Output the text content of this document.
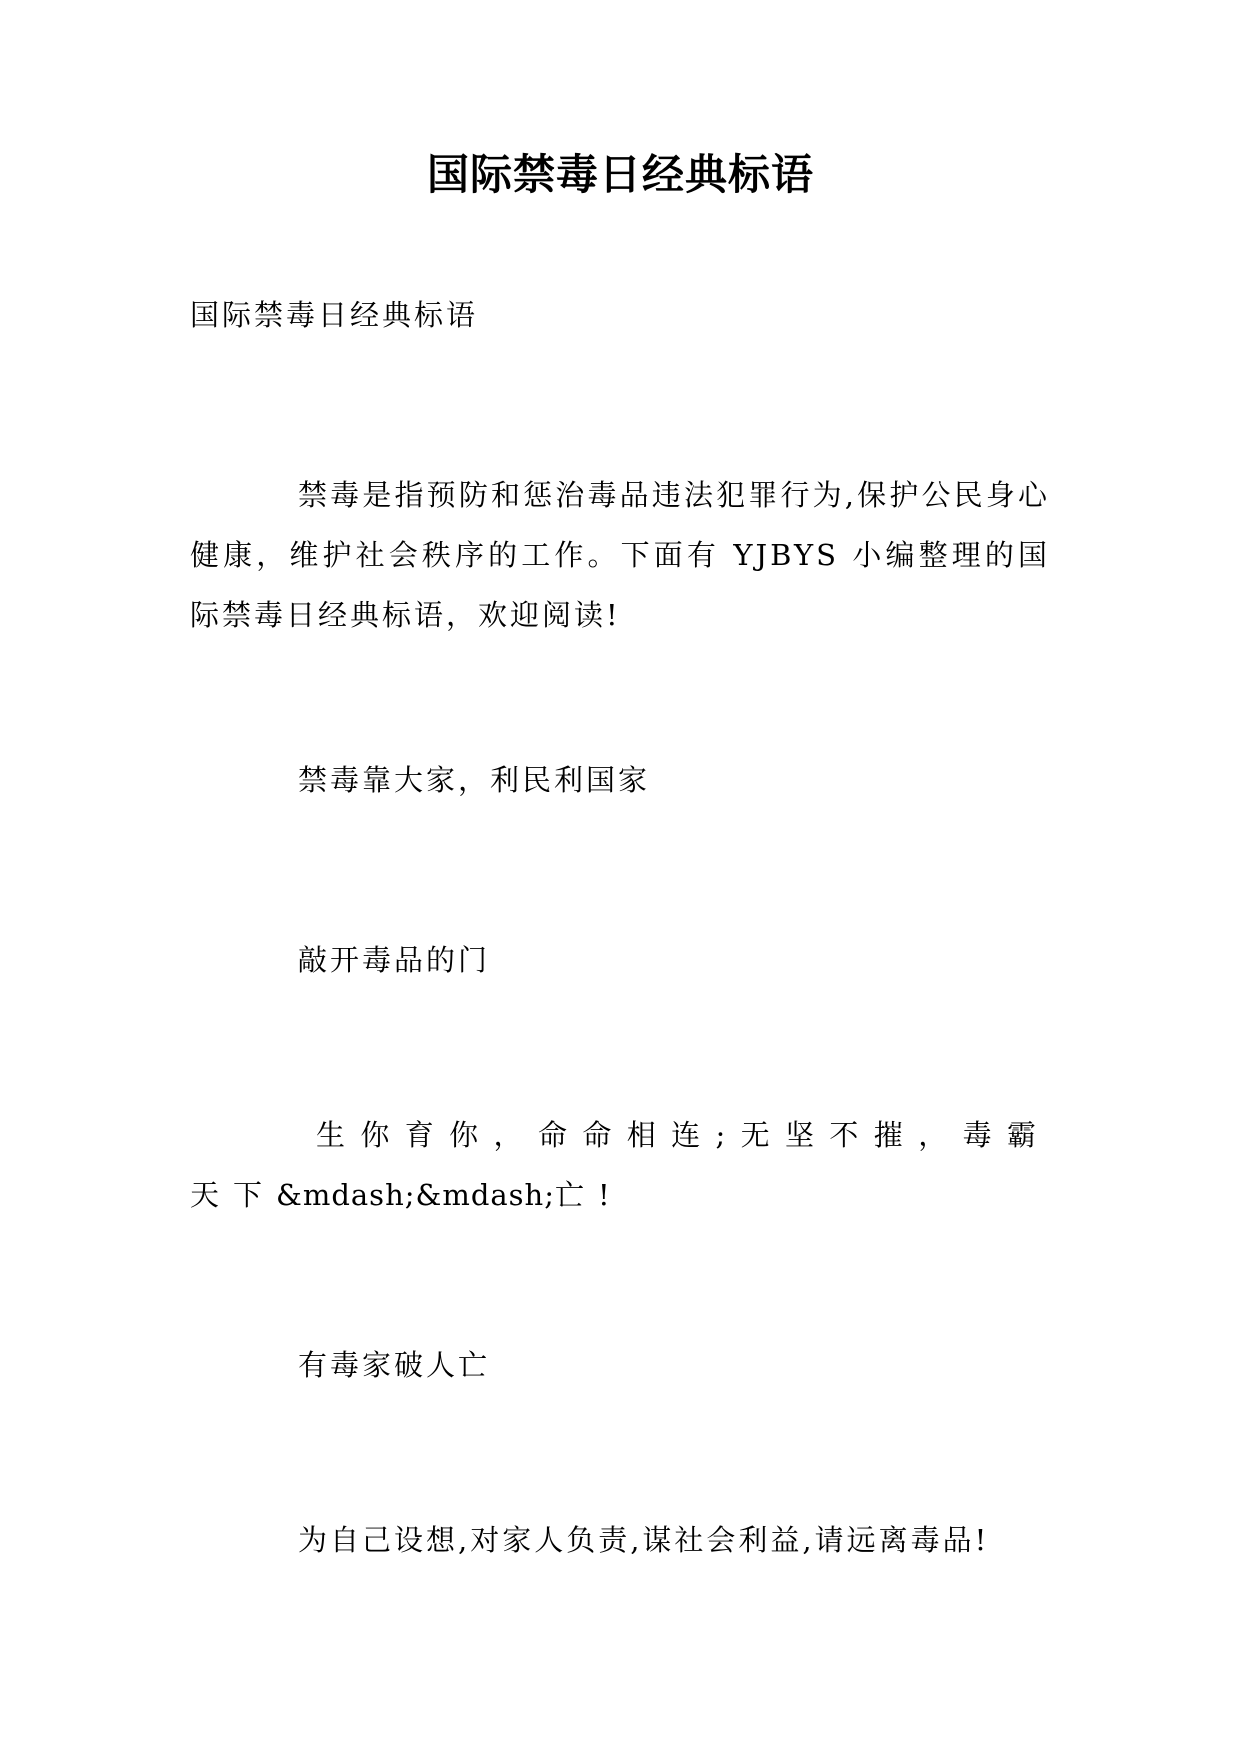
国际禁毒日经典标语
国际禁毒日经典标语
禁毒是指预防和惩治毒品违法犯罪行为,保护公民身心健康，维护社会秩序的工作。下面有 YJBYS 小编整理的国际禁毒日经典标语，欢迎阅读!
禁毒靠大家，利民利国家
敲开毒品的门
生你育你，命命相连;无坚不摧，毒霸天下&mdash;&mdash;亡!
有毒家破人亡
为自己设想,对家人负责,谋社会利益,请远离毒品!
